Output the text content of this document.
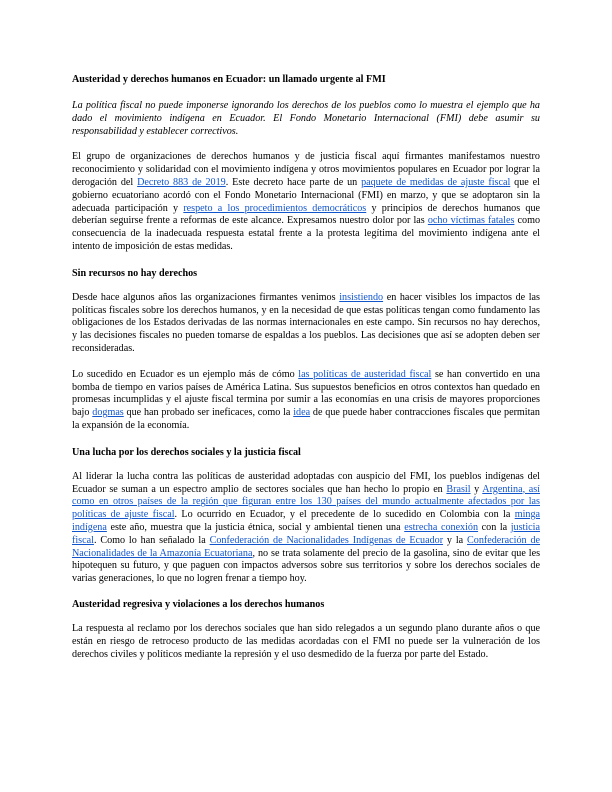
Austeridad y derechos humanos en Ecuador: un llamado urgente al FMI

La política fiscal no puede imponerse ignorando los derechos de los pueblos como lo muestra el ejemplo que ha dado el movimiento indígena en Ecuador. El Fondo Monetario Internacional (FMI) debe asumir su responsabilidad y establecer correctivos.

El grupo de organizaciones de derechos humanos y de justicia fiscal aquí firmantes manifestamos nuestro reconocimiento y solidaridad con el movimiento indígena y otros movimientos populares en Ecuador por lograr la derogación del Decreto 883 de 2019. Este decreto hace parte de un paquete de medidas de ajuste fiscal que el gobierno ecuatoriano acordó con el Fondo Monetario Internacional (FMI) en marzo, y que se adoptaron sin la adecuada participación y respeto a los procedimientos democráticos y principios de derechos humanos que deberían seguirse frente a reformas de este alcance. Expresamos nuestro dolor por las ocho víctimas fatales como consecuencia de la inadecuada respuesta estatal frente a la protesta legítima del movimiento indígena ante el intento de imposición de estas medidas.

Sin recursos no hay derechos

Desde hace algunos años las organizaciones firmantes venimos insistiendo en hacer visibles los impactos de las políticas fiscales sobre los derechos humanos, y en la necesidad de que estas políticas tengan como fundamento las obligaciones de los Estados derivadas de las normas internacionales en este campo. Sin recursos no hay derechos, y las decisiones fiscales no pueden tomarse de espaldas a los pueblos. Las decisiones que así se adopten deben ser reconsideradas.

Lo sucedido en Ecuador es un ejemplo más de cómo las políticas de austeridad fiscal se han convertido en una bomba de tiempo en varios países de América Latina. Sus supuestos beneficios en otros contextos han quedado en promesas incumplidas y el ajuste fiscal termina por sumir a las economías en una crisis de mayores proporciones bajo dogmas que han probado ser ineficaces, como la idea de que puede haber contracciones fiscales que permitan la expansión de la economía.

Una lucha por los derechos sociales y la justicia fiscal

Al liderar la lucha contra las políticas de austeridad adoptadas con auspicio del FMI, los pueblos indígenas del Ecuador se suman a un espectro amplio de sectores sociales que han hecho lo propio en Brasil y Argentina, así como en otros países de la región que figuran entre los 130 países del mundo actualmente afectados por las políticas de ajuste fiscal. Lo ocurrido en Ecuador, y el precedente de lo sucedido en Colombia con la minga indígena este año, muestra que la justicia étnica, social y ambiental tienen una estrecha conexión con la justicia fiscal. Como lo han señalado la Confederación de Nacionalidades Indígenas de Ecuador y la Confederación de Nacionalidades de la Amazonía Ecuatoriana, no se trata solamente del precio de la gasolina, sino de evitar que les hipotequen su futuro, y que paguen con impactos adversos sobre sus territorios y sobre los derechos sociales de varias generaciones, lo que no logren frenar a tiempo hoy.

Austeridad regresiva y violaciones a los derechos humanos

La respuesta al reclamo por los derechos sociales que han sido relegados a un segundo plano durante años o que están en riesgo de retroceso producto de las medidas acordadas con el FMI no puede ser la vulneración de los derechos civiles y políticos mediante la represión y el uso desmedido de la fuerza por parte del Estado.
